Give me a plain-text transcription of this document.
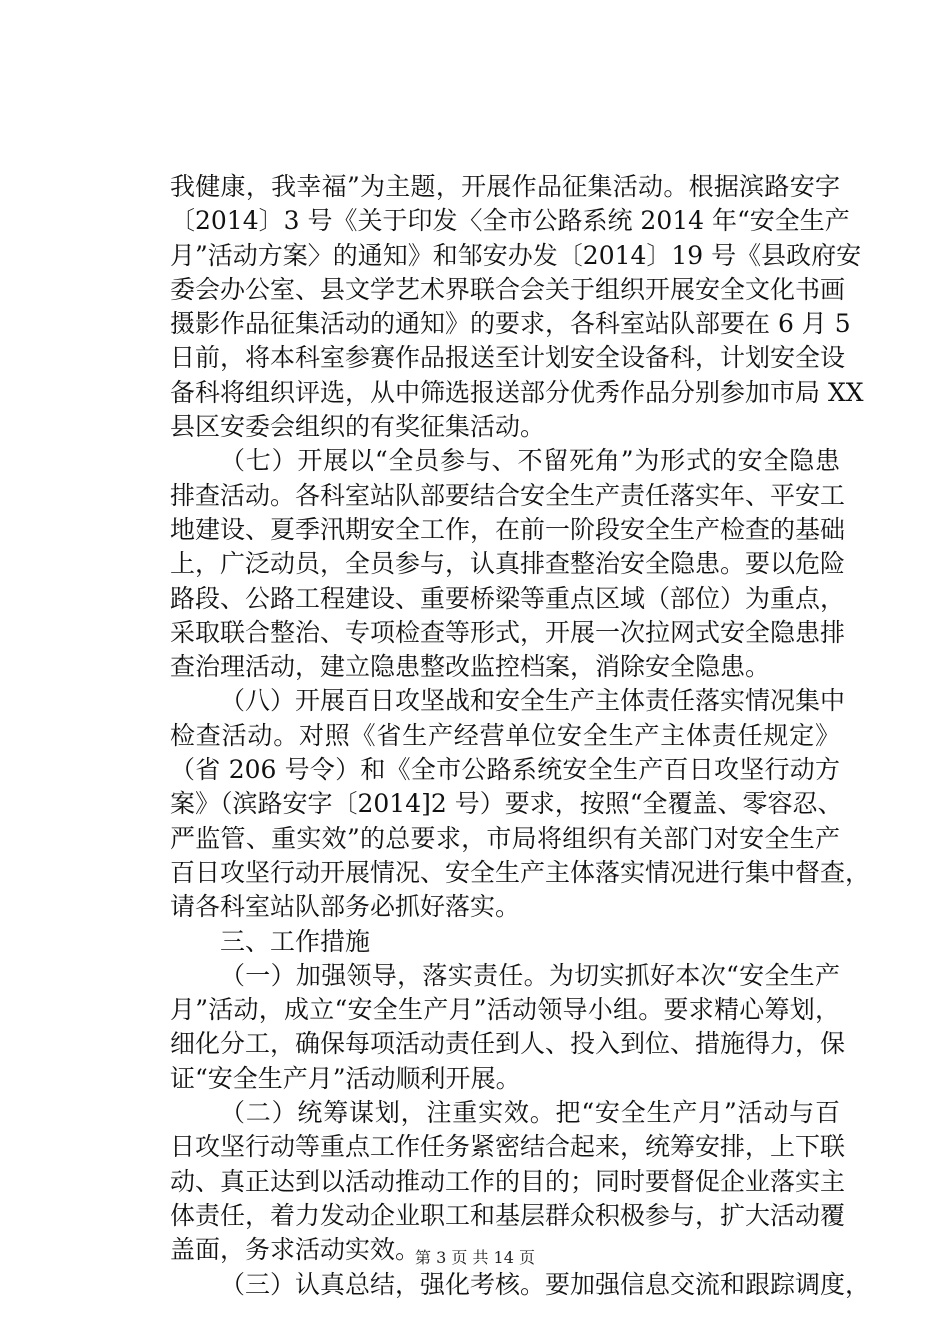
我健康，我幸福”为主题，开展作品征集活动。根据滨路安字
〔2014〕3 号《关于印发〈全市公路系统 2014 年“安全生产
月”活动方案〉的通知》和邹安办发〔2014〕19 号《县政府安
委会办公室、县文学艺术界联合会关于组织开展安全文化书画
摄影作品征集活动的通知》的要求，各科室站队部要在 6 月 5
日前，将本科室参赛作品报送至计划安全设备科，计划安全设
备科将组织评选，从中筛选报送部分优秀作品分别参加市局 XX
县区安委会组织的有奖征集活动。
（七）开展以“全员参与、不留死角”为形式的安全隐患
排查活动。各科室站队部要结合安全生产责任落实年、平安工
地建设、夏季汛期安全工作，在前一阶段安全生产检查的基础
上，广泛动员，全员参与，认真排查整治安全隐患。要以危险
路段、公路工程建设、重要桥梁等重点区域（部位）为重点，
采取联合整治、专项检查等形式，开展一次拉网式安全隐患排
查治理活动，建立隐患整改监控档案，消除安全隐患。
（八）开展百日攻坚战和安全生产主体责任落实情况集中
检查活动。对照《省生产经营单位安全生产主体责任规定》
（省 206 号令）和《全市公路系统安全生产百日攻坚行动方
案》（滨路安字〔2014]2 号）要求，按照“全覆盖、零容忍、
严监管、重实效”的总要求，市局将组织有关部门对安全生产
百日攻坚行动开展情况、安全生产主体落实情况进行集中督查，
请各科室站队部务必抓好落实。
三、工作措施
（一）加强领导，落实责任。为切实抓好本次“安全生产
月”活动，成立“安全生产月”活动领导小组。要求精心筹划，
细化分工，确保每项活动责任到人、投入到位、措施得力，保
证“安全生产月”活动顺利开展。
（二）统筹谋划，注重实效。把“安全生产月”活动与百
日攻坚行动等重点工作任务紧密结合起来，统筹安排，上下联
动、真正达到以活动推动工作的目的；同时要督促企业落实主
体责任，着力发动企业职工和基层群众积极参与，扩大活动覆
盖面，务求活动实效。
（三）认真总结，强化考核。要加强信息交流和跟踪调度，
第 3 页 共 14 页
